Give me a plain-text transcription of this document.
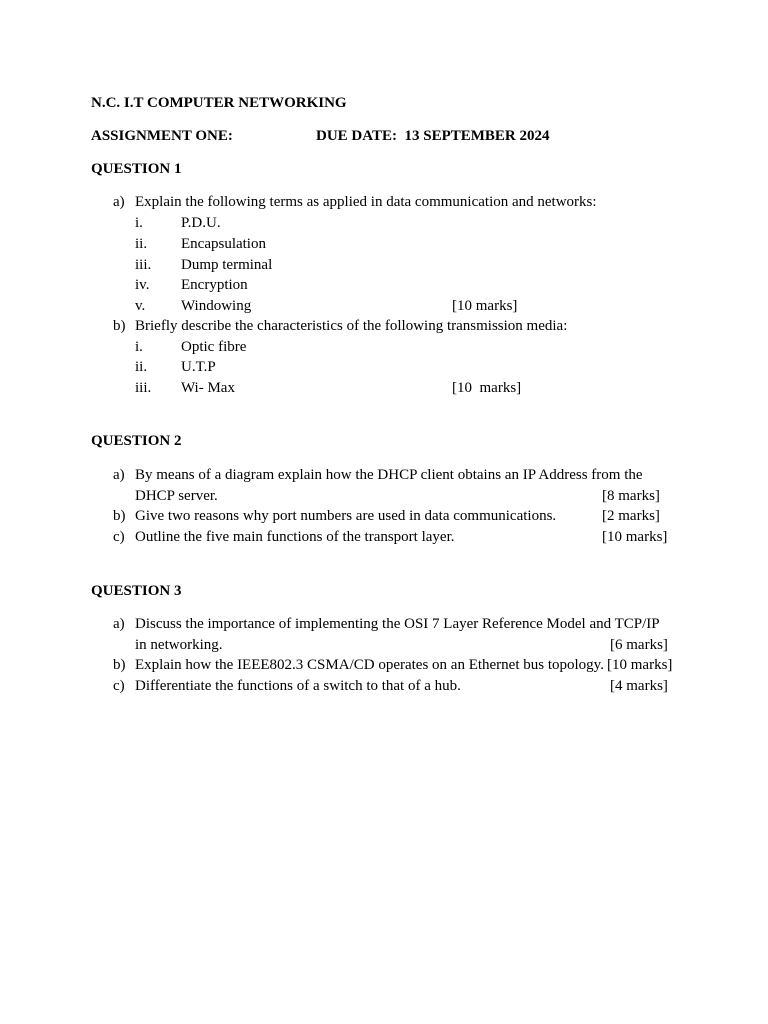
N.C. I.T COMPUTER NETWORKING
ASSIGNMENT ONE:	DUE DATE:  13 SEPTEMBER 2024
QUESTION 1
a) Explain the following terms as applied in data communication and networks:
i.	P.D.U.
ii. Encapsulation
iii. Dump terminal
iv. Encryption
v. Windowing	[10 marks]
b) Briefly describe the characteristics of the following transmission media:
i.	Optic fibre
ii. U.T.P
iii. Wi- Max	[10  marks]
QUESTION 2
a) By means of a diagram explain how the DHCP client obtains an IP Address from the
DHCP server.	[8 marks]
b) Give two reasons why port numbers are used in data communications.	[2 marks]
c) Outline the five main functions of the transport layer.	[10 marks]
QUESTION 3
a) Discuss the importance of implementing the OSI 7 Layer Reference Model and TCP/IP
in networking.	[6 marks]
b) Explain how the IEEE802.3 CSMA/CD operates on an Ethernet bus topology. [10 marks]
c) Differentiate the functions of a switch to that of a hub.	[4 marks]
